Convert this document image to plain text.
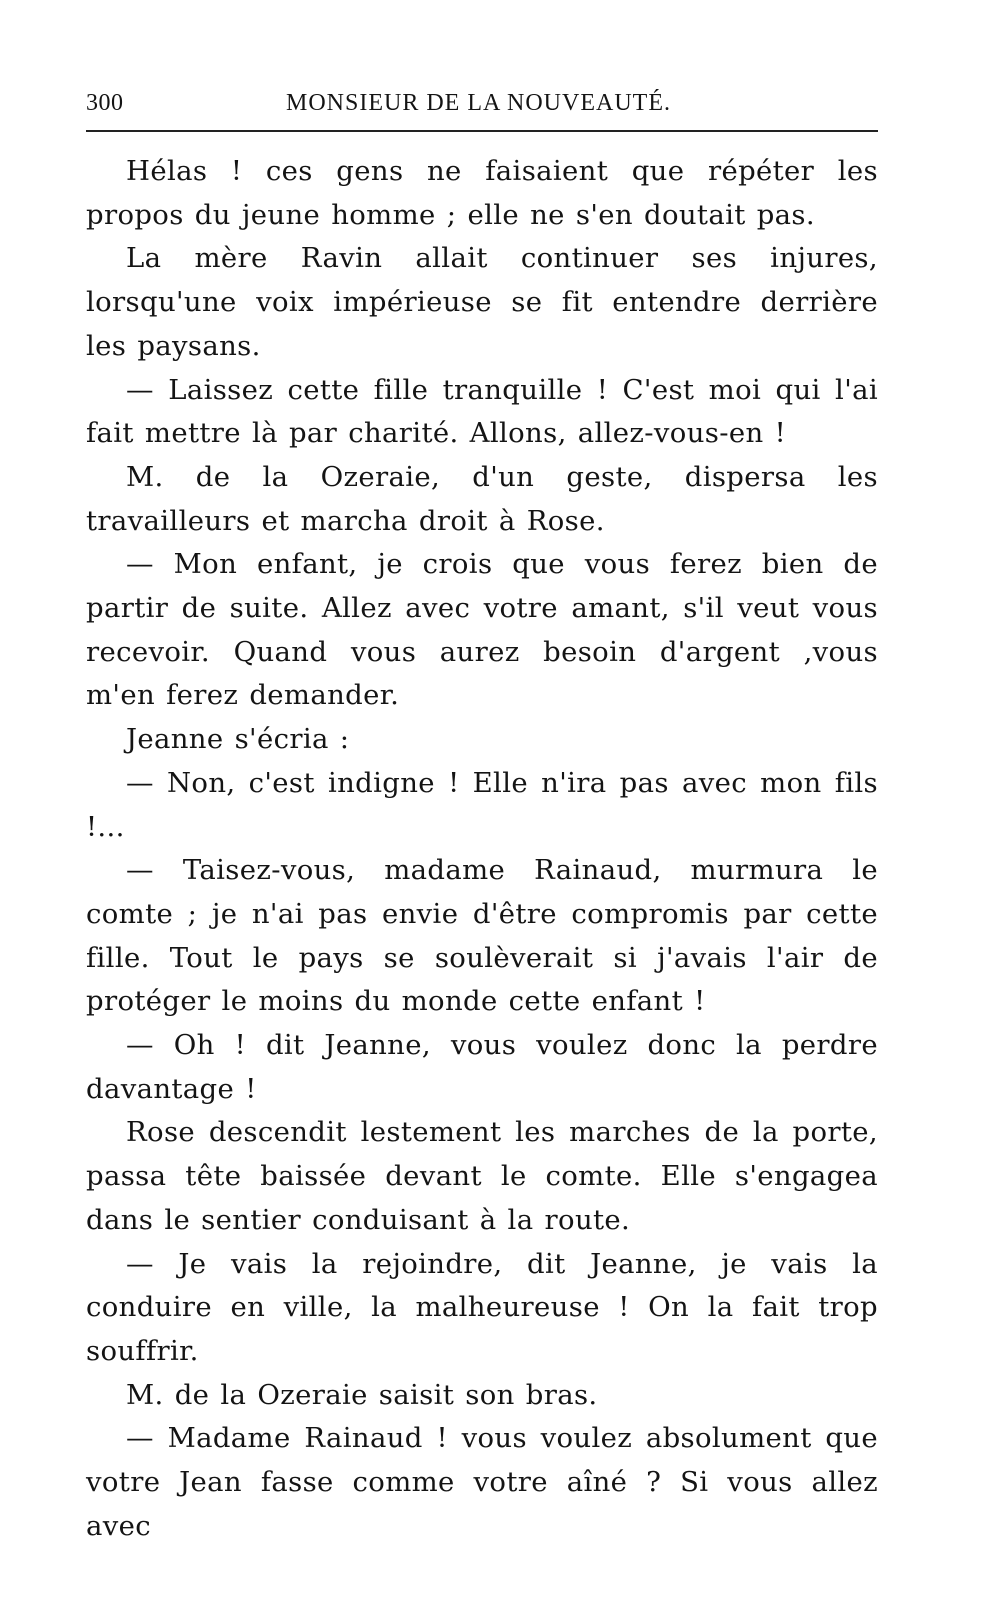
300	MONSIEUR DE LA NOUVEAUTÉ.

Hélas ! ces gens ne faisaient que répéter les propos du jeune homme ; elle ne s'en doutait pas.

La mère Ravin allait continuer ses injures, lorsqu'une voix impérieuse se fit entendre derrière les paysans.

— Laissez cette fille tranquille ! C'est moi qui l'ai fait mettre là par charité. Allons, allez-vous-en !

M. de la Ozeraie, d'un geste, dispersa les travailleurs et marcha droit à Rose.

— Mon enfant, je crois que vous ferez bien de partir de suite. Allez avec votre amant, s'il veut vous recevoir. Quand vous aurez besoin d'argent ,vous m'en ferez demander.

Jeanne s'écria :

— Non, c'est indigne ! Elle n'ira pas avec mon fils !...

— Taisez-vous, madame Rainaud, murmura le comte ; je n'ai pas envie d'être compromis par cette fille. Tout le pays se soulèverait si j'avais l'air de protéger le moins du monde cette enfant !

— Oh ! dit Jeanne, vous voulez donc la perdre davantage !

Rose descendit lestement les marches de la porte, passa tête baissée devant le comte. Elle s'engagea dans le sentier conduisant à la route.

— Je vais la rejoindre, dit Jeanne, je vais la conduire en ville, la malheureuse ! On la fait trop souffrir.

M. de la Ozeraie saisit son bras.

— Madame Rainaud ! vous voulez absolument que votre Jean fasse comme votre aîné ? Si vous allez avec
